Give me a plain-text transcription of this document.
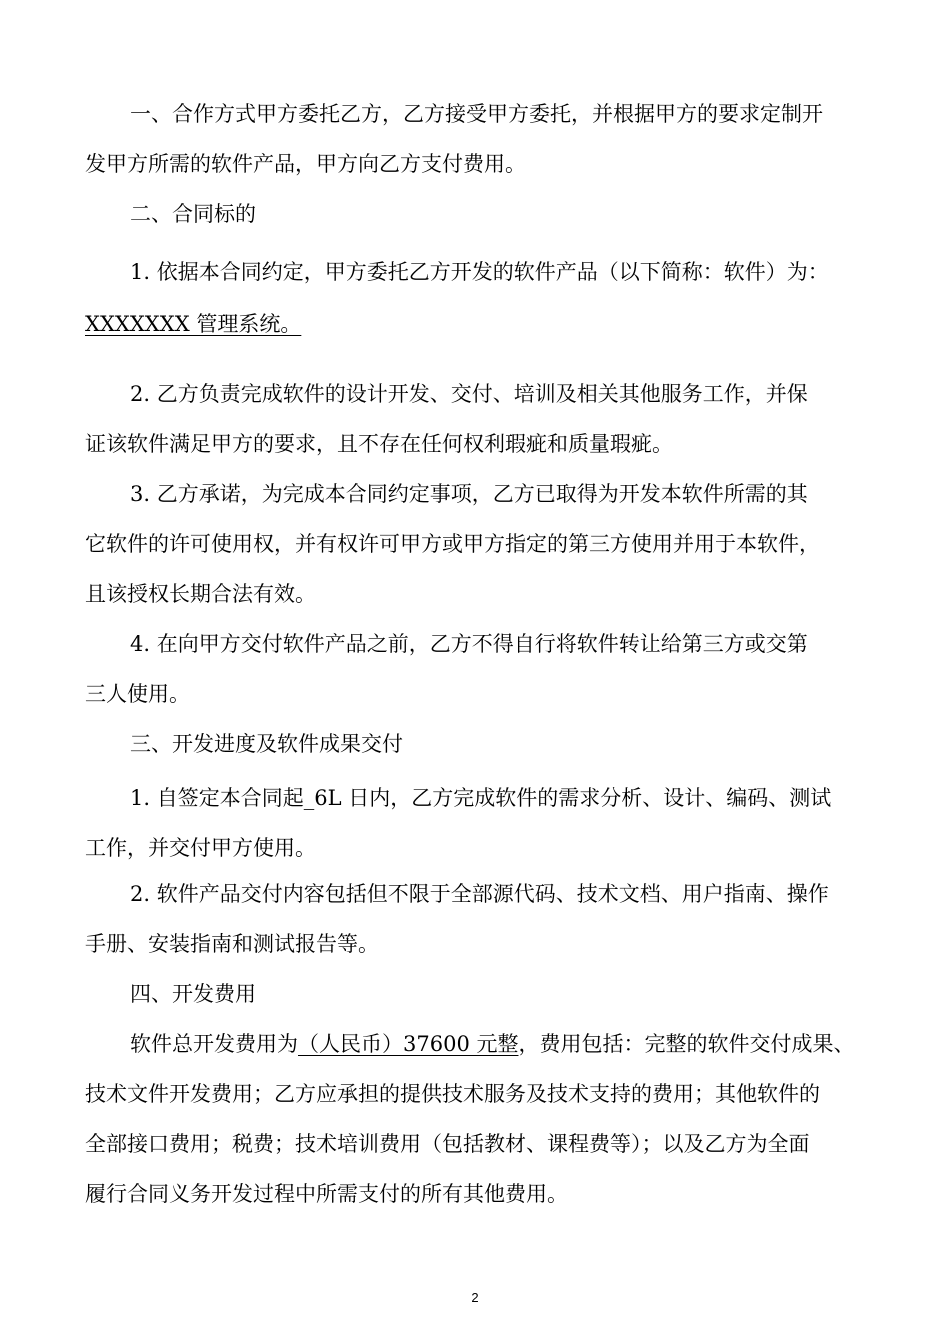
一、合作方式甲方委托乙方，乙方接受甲方委托，并根据甲方的要求定制开
发甲方所需的软件产品，甲方向乙方支付费用。
二、合同标的
1. 依据本合同约定，甲方委托乙方开发的软件产品（以下简称：软件）为：
XXXXXXX 管理系统。
2. 乙方负责完成软件的设计开发、交付、培训及相关其他服务工作，并保
证该软件满足甲方的要求，且不存在任何权利瑕疵和质量瑕疵。
3. 乙方承诺，为完成本合同约定事项，乙方已取得为开发本软件所需的其
它软件的许可使用权，并有权许可甲方或甲方指定的第三方使用并用于本软件，
且该授权长期合法有效。
4. 在向甲方交付软件产品之前，乙方不得自行将软件转让给第三方或交第
三人使用。
三、开发进度及软件成果交付
1. 自签定本合同起_6L 日内，乙方完成软件的需求分析、设计、编码、测试
工作，并交付甲方使用。
2. 软件产品交付内容包括但不限于全部源代码、技术文档、用户指南、操作
手册、安装指南和测试报告等。
四、开发费用
软件总开发费用为（人民币）37600 元整，费用包括：完整的软件交付成果、
技术文件开发费用；乙方应承担的提供技术服务及技术支持的费用；其他软件的
全部接口费用；税费；技术培训费用（包括教材、课程费等）；以及乙方为全面
履行合同义务开发过程中所需支付的所有其他费用。
2
